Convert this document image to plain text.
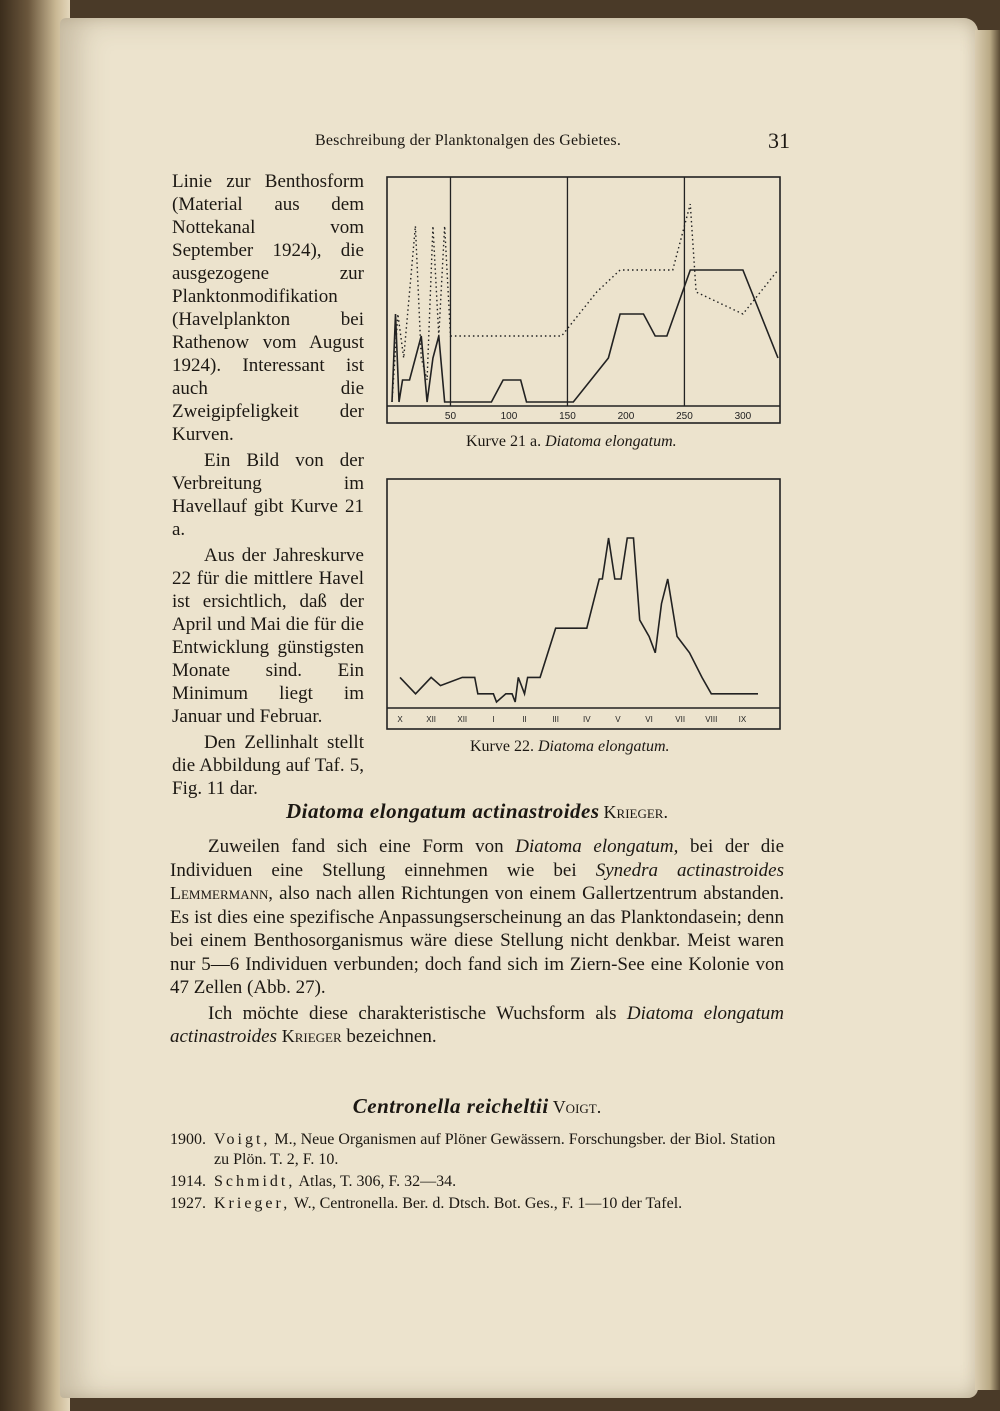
Beschreibung der Planktonalgen des Gebietes.	31

Linie zur Benthosform (Material aus dem Nottekanal vom September 1924), die ausgezogene zur Planktonmodifikation (Havelplankton bei Rathenow vom August 1924). Interessant ist auch die Zweigipfeligkeit der Kurven.

Ein Bild von der Verbreitung im Havellauf gibt Kurve 21 a.

Aus der Jahreskurve 22 für die mittlere Havel ist ersichtlich, daß der April und Mai die für die Entwicklung günstigsten Monate sind. Ein Minimum liegt im Januar und Februar.

Den Zellinhalt stellt die Abbildung auf Taf. 5, Fig. 11 dar.

50	100	150	200	250	300
Kurve 21 a. Diatoma elongatum.
X	XII	XII	I	II	III	IV	V	VI	VII	VIII	IX
Kurve 22. Diatoma elongatum.
Diatoma elongatum actinastroides Krieger.

Zuweilen fand sich eine Form von Diatoma elongatum, bei der die Individuen eine Stellung einnehmen wie bei Synedra actinastroides Lemmermann, also nach allen Richtungen von einem Gallertzentrum abstanden. Es ist dies eine spezifische Anpassungserscheinung an das Planktondasein; denn bei einem Benthosorganismus wäre diese Stellung nicht denkbar. Meist waren nur 5—6 Individuen verbunden; doch fand sich im Ziern-See eine Kolonie von 47 Zellen (Abb. 27).

Ich möchte diese charakteristische Wuchsform als Diatoma elongatum actinastroides Krieger bezeichnen.

Centronella reicheltii Voigt.
1900. Voigt, M., Neue Organismen auf Plöner Gewässern. Forschungsber. der Biol. Station zu Plön. T. 2, F. 10.
1914. Schmidt, Atlas, T. 306, F. 32—34.
1927. Krieger, W., Centronella. Ber. d. Dtsch. Bot. Ges., F. 1—10 der Tafel.
